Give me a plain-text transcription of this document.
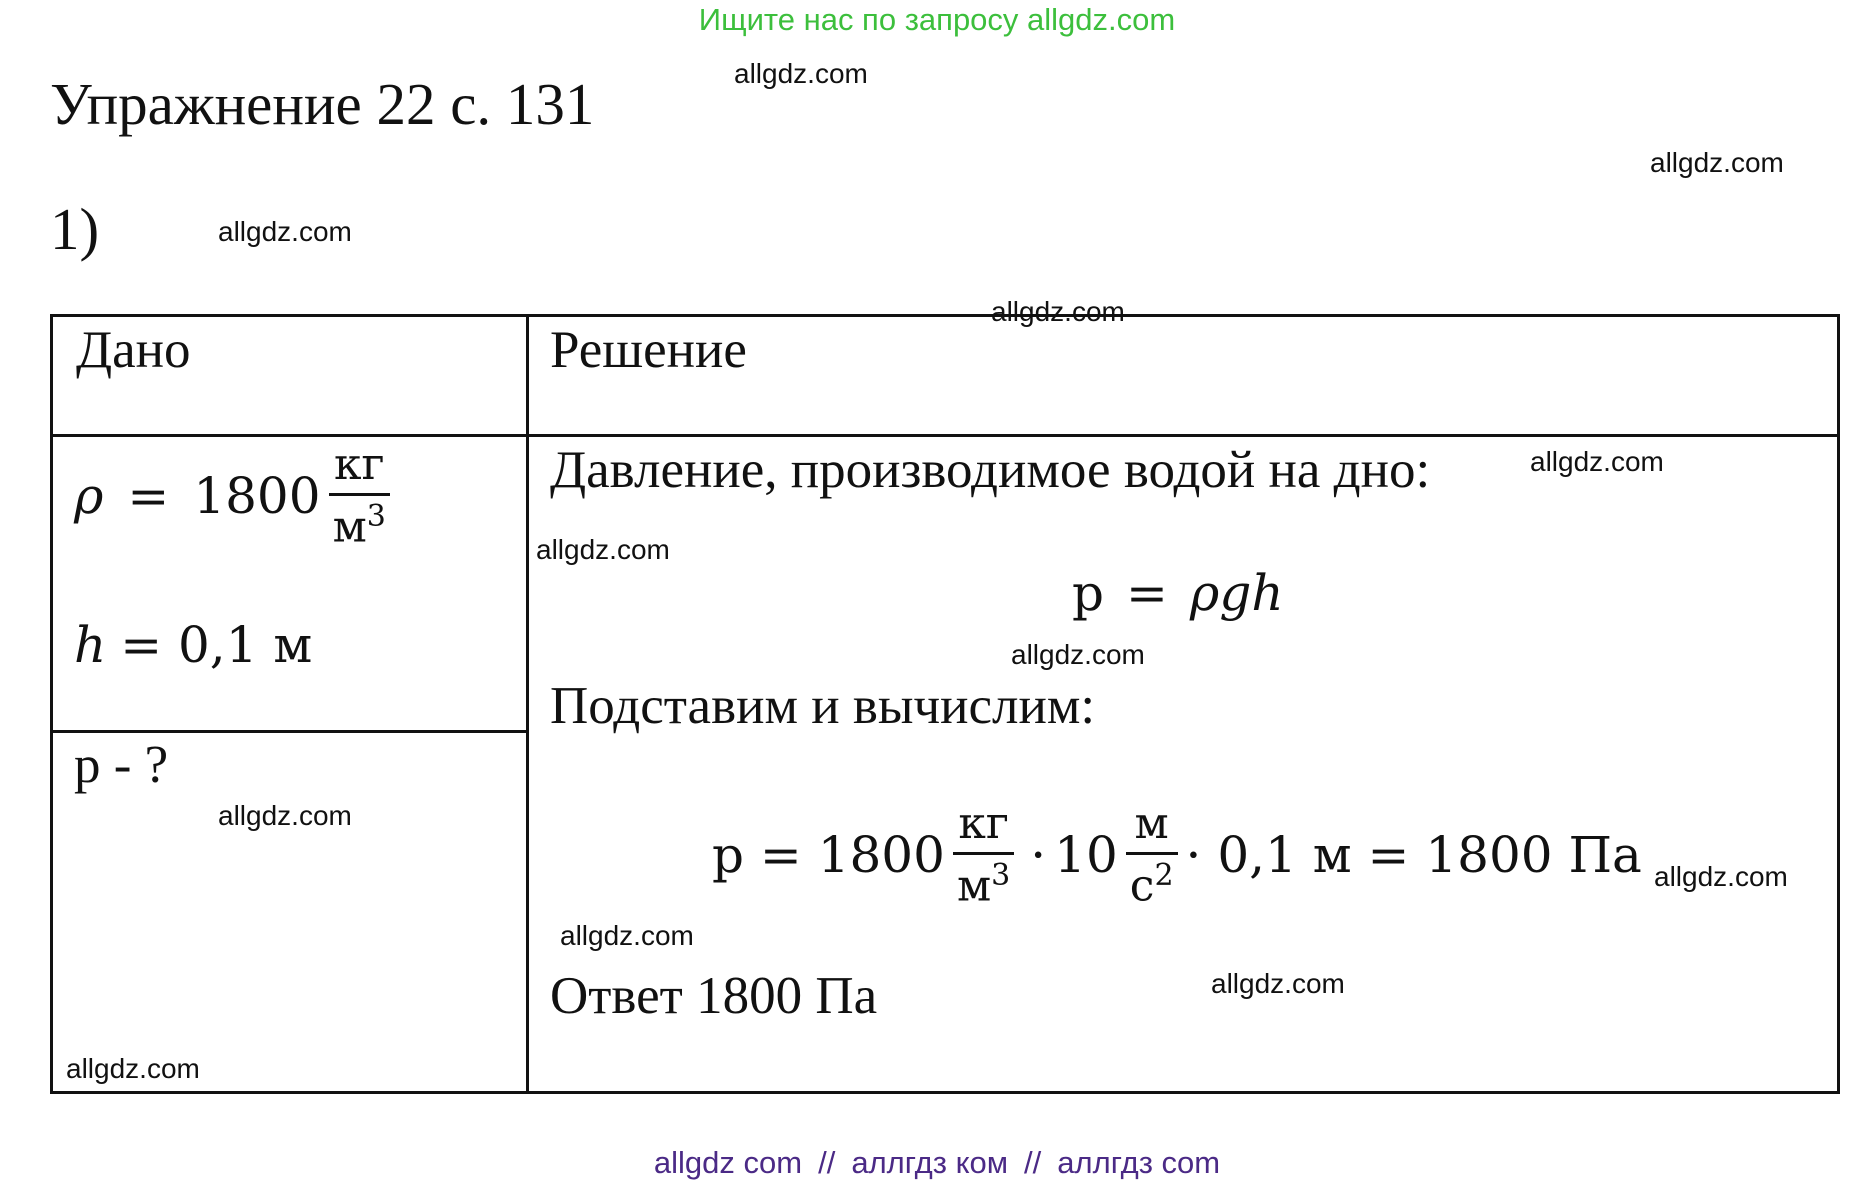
Ищите нас по запросу allgdz.com
Упражнение 22 с. 131
1)
Дано	Решение
$\rho = 1800 \frac{кг}{м^3}$
h = 0,1 м
p - ?
Давление, производимое водой на дно:
p = ρgh
Подставим и вычислим:
$p = 1800 \frac{кг}{м^3} \cdot 10 \frac{м}{с^2} \cdot 0,1$ м = 1800 Па
Ответ 1800 Па
allgdz.com
allgdz.com
allgdz.com
allgdz.com
allgdz.com
allgdz.com
allgdz.com
allgdz.com
allgdz.com
allgdz.com
allgdz.com
allgdz.com
allgdz com // аллгдз ком // аллгдз com
